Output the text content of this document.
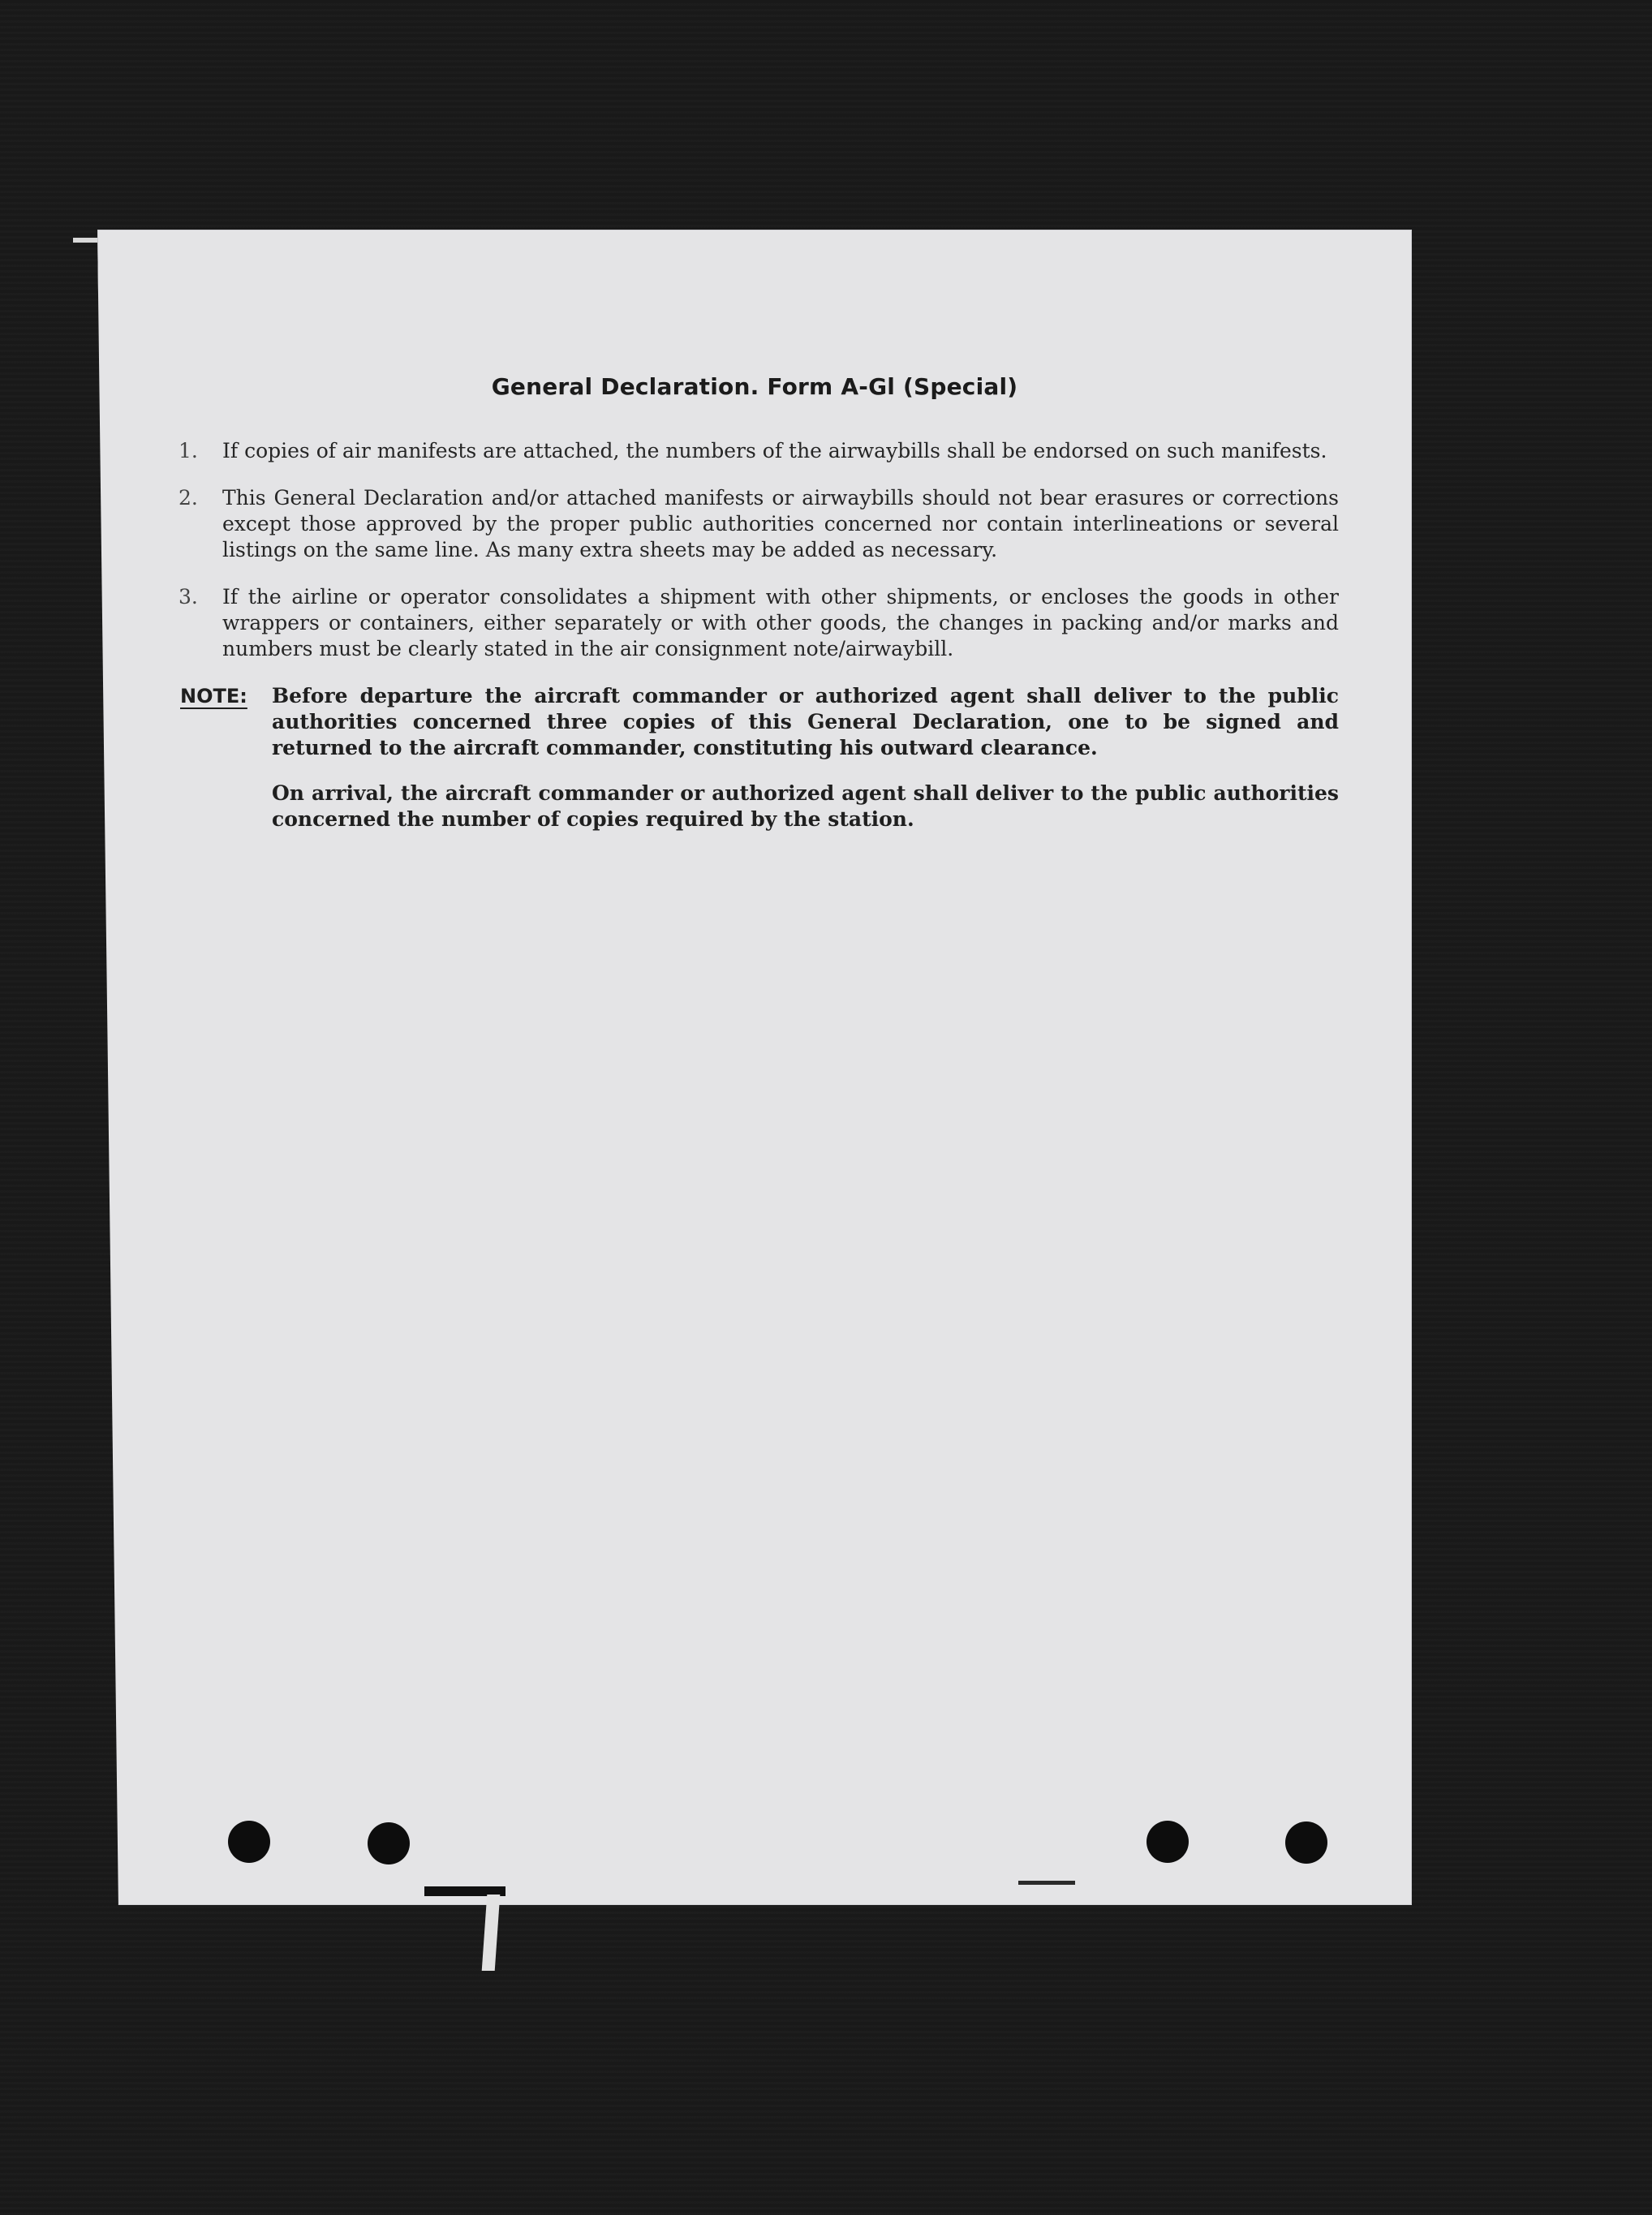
General Declaration. Form A-Gl (Special)
1.	If copies of air manifests are attached, the numbers of the airwaybills shall be endorsed on such manifests.
2.	This General Declaration and/or attached manifests or airwaybills should not bear erasures or corrections except those approved by the proper public authorities concerned nor contain interlineations or several listings on the same line. As many extra sheets may be added as necessary.
3.	If the airline or operator consolidates a shipment with other shipments, or encloses the goods in other wrappers or containers, either separately or with other goods, the changes in packing and/or marks and numbers must be clearly stated in the air consignment note/airwaybill.
NOTE: Before departure the aircraft commander or authorized agent shall deliver to the public authorities concerned three copies of this General Declaration, one to be signed and returned to the aircraft commander, constituting his outward clearance.
On arrival, the aircraft commander or authorized agent shall deliver to the public authorities concerned the number of copies required by the station.
